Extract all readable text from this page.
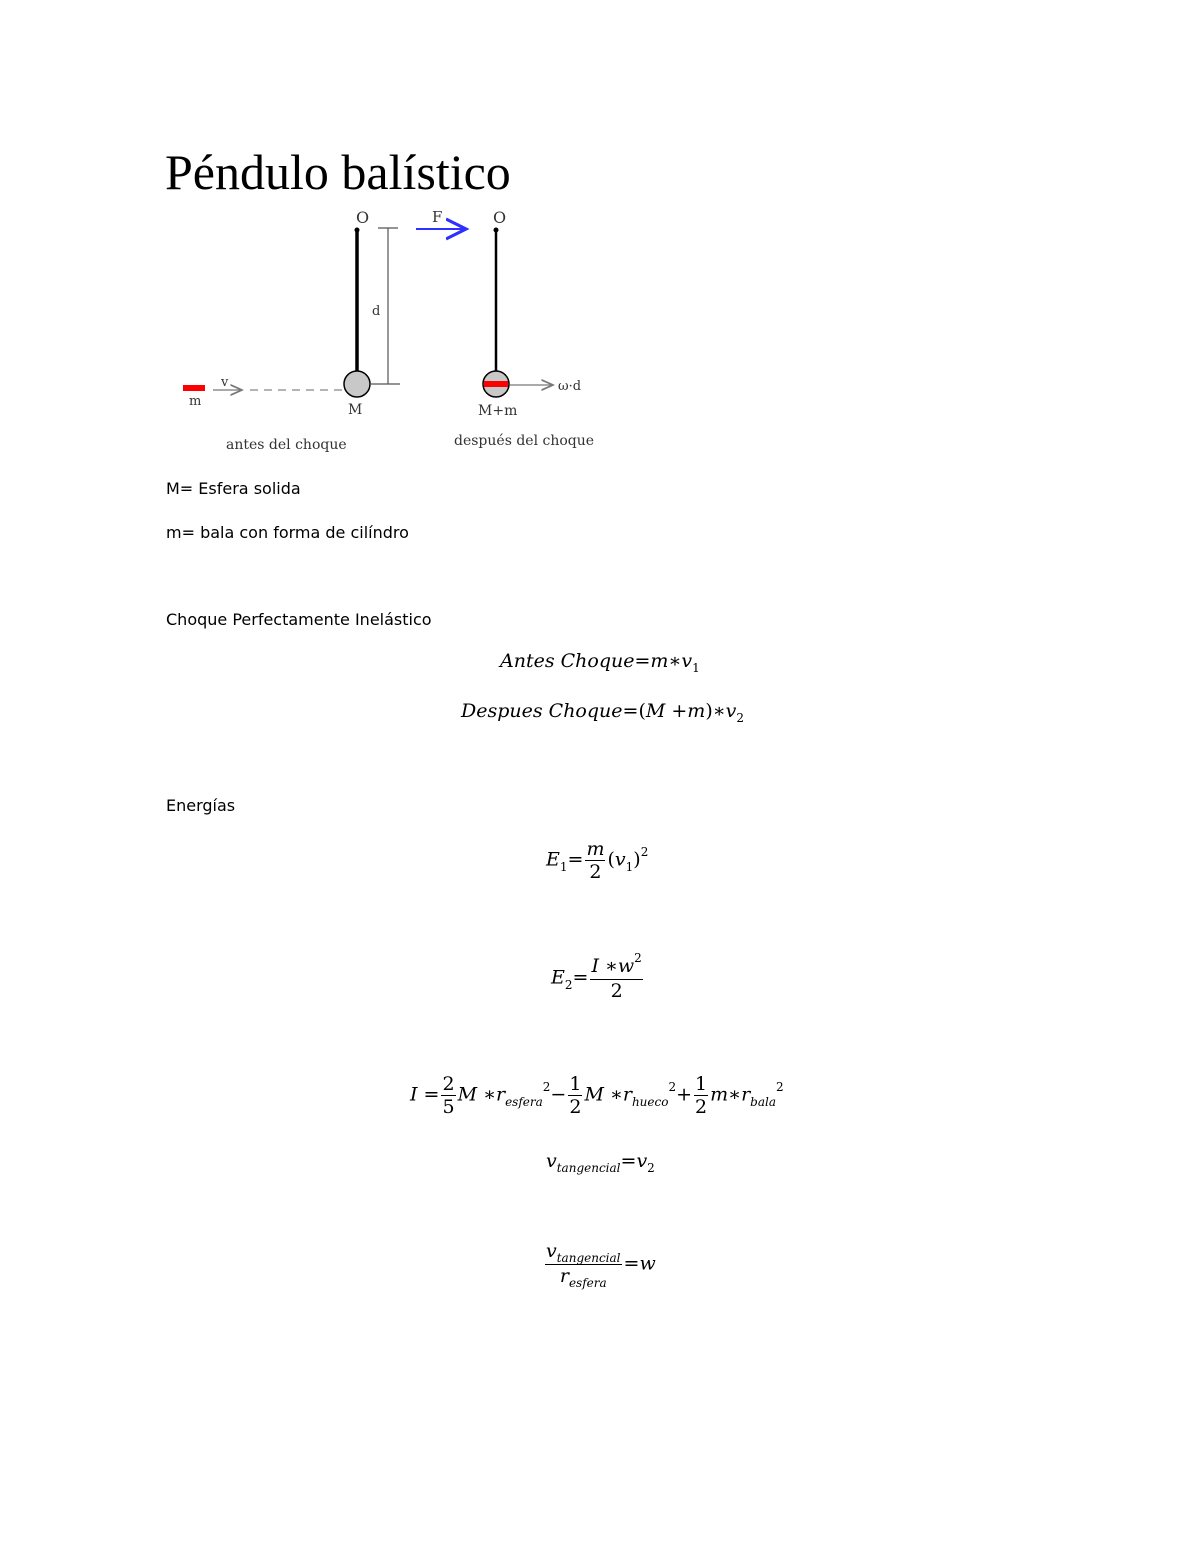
Péndulo balístico
O
M
d
m
v
antes del choque
F	O
ω·d
M+m
después del choque
M= Esfera solida
m= bala con forma de cilíndro
Choque Perfectamente Inelástico
Antes $Choque=m∗v_1$
Despues Choque=(M $+m)∗v_2$
Energías
$E_1= \frac{m}{2} (v_1)^2$
$E_2= \frac{I ∗w^2}{2}$
$I = \frac{2}{5}$ M $∗r_{esfera}^2- \frac{1}{2}$ M $∗r_{hueco}^2+ \frac{1}{2}$ $m∗r_{bala}^2$
$v_{tangencial}=v_2$
$\frac{v_{tangencial}}{r_{esfera}} =w$
